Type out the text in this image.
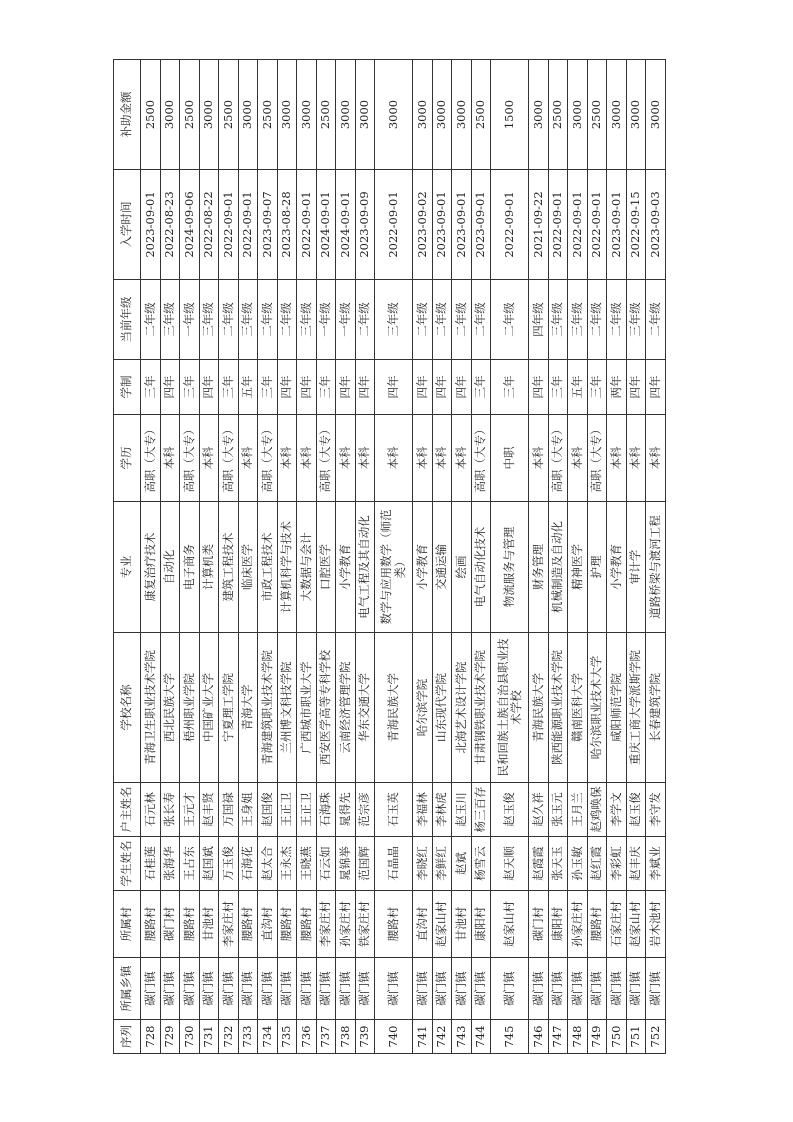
序列	所属乡镇	所属村	学生姓名	户主姓名	学校名称	专业	学历	学制	当前年级	入学时间	补助金额
728	碳门镇	腰路村	石桂莲	石元林	青海卫生职业技术学院	康复治疗技术	高职（大专）	三年	二年级	2023-09-01	2500
729	碳门镇	碳门村	张海华	张长寿	西北民族大学	自动化	本科	四年	三年级	2022-08-23	3000
730	碳门镇	腰路村	王占东	王元才	梧州职业学院	电子商务	高职（大专）	三年	一年级	2024-09-06	2500
731	碳门镇	甘池村	赵国斌	赵丰贤	中国矿业大学	计算机类	本科	四年	三年级	2022-08-22	3000
732	碳门镇	李家庄村	万玉俊	万国禄	宁夏理工学院	建筑工程技术	高职（大专）	三年	二年级	2022-09-01	2500
733	碳门镇	腰路村	石海花	王身姐	青海大学	临床医学	本科	五年	三年级	2022-09-01	3000
734	碳门镇	直沟村	赵太合	赵国俊	青海建筑职业技术学院	市政工程技术	高职（大专）	三年	二年级	2023-09-07	2500
735	碳门镇	腰路村	王永杰	王正卫	兰州博文科技学院	计算机科学与技术	本科	四年	二年级	2023-08-28	3000
736	碳门镇	腰路村	王晓燕	王正卫	广西城市职业大学	大数据与会计	本科	四年	三年级	2022-09-01	3000
737	碳门镇	李家庄村	石云如	石海珠	西安医学高等专科学校	口腔医学	高职（大专）	三年	一年级	2024-09-01	2500
738	碳门镇	孙家庄村	晁锦举	晁得先	云南经济管理学院	小学教育	本科	四年	一年级	2024-09-01	3000
739	碳门镇	铁家庄村	范国辉	范宗彦	华东交通大学	电气工程及其自动化	本科	四年	二年级	2023-09-09	3000
740	碳门镇	腰路村	石晶晶	石玉英	青海民族大学	数学与应用数学（师范类）	本科	四年	三年级	2022-09-01	3000
741	碳门镇	直沟村	李晓红	李福林	哈尔滨学院	小学教育	本科	四年	二年级	2023-09-02	3000
742	碳门镇	赵家山村	李鲜红	李林虎	山东现代学院	交通运输	本科	四年	二年级	2023-09-01	3000
743	碳门镇	甘池村	赵斌	赵玉川	北海艺术设计学院	绘画	本科	四年	二年级	2023-09-01	3000
744	碳门镇	康阳村	杨雪云	杨三百存	甘肃钢铁职业技术学院	电气自动化技术	高职（大专）	三年	二年级	2023-09-01	2500
745	碳门镇	赵家山村	赵天顺	赵玉俊	民和回族土族自治县职业技术学校	物流服务与管理	中职	三年	二年级	2022-09-01	1500
746	碳门镇	碳门村	赵霞霞	赵久祥	青海民族大学	财务管理	本科	四年	四年级	2021-09-22	3000
747	碳门镇	康阳村	张天玉	张玉元	陕西能源职业技术学院	机械制造及自动化	高职（大专）	三年	三年级	2022-09-01	2500
748	碳门镇	孙家庄村	孙玉敏	王月兰	赣南医科大学	精神医学	本科	五年	三年级	2022-09-01	3000
749	碳门镇	腰路村	赵红霞	赵鸡唤保	哈尔滨职业技术大学	护理	高职（大专）	三年	二年级	2022-09-01	2500
750	碳门镇	石家庄村	李彩虹	李学文	咸阳师范学院	小学教育	本科	两年	二年级	2023-09-01	3000
751	碳门镇	赵家山村	赵丰庆	赵玉俊	重庆工商大学派斯学院	审计学	本科	四年	三年级	2022-09-15	3000
752	碳门镇	岩木池村	李斌业	李守发	长春建筑学院	道路桥梁与渡河工程	本科	四年	二年级	2023-09-03	3000
